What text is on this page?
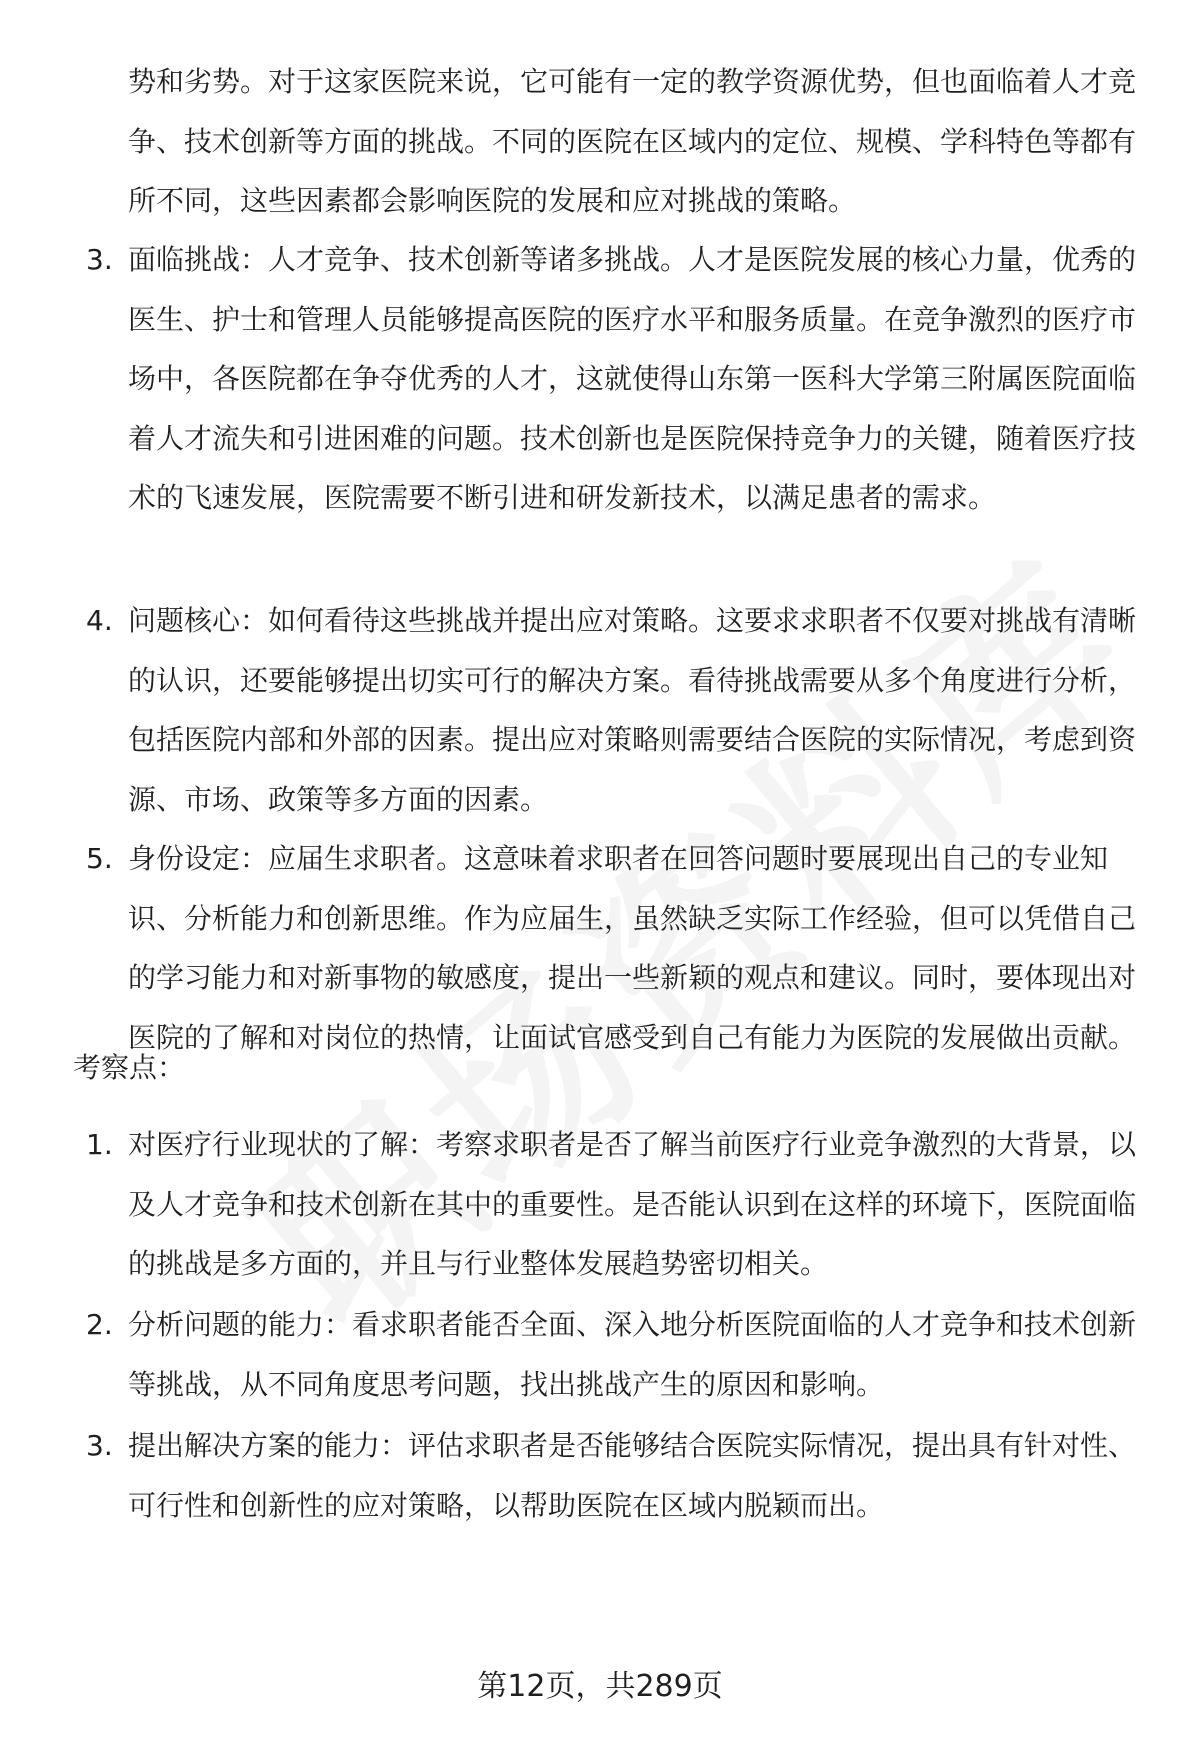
势和劣势。对于这家医院来说，它可能有一定的教学资源优势，但也面临着人才竞争、技术创新等方面的挑战。不同的医院在区域内的定位、规模、学科特色等都有所不同，这些因素都会影响医院的发展和应对挑战的策略。

3. 面临挑战：人才竞争、技术创新等诸多挑战。人才是医院发展的核心力量，优秀的医生、护士和管理人员能够提高医院的医疗水平和服务质量。在竞争激烈的医疗市场中，各医院都在争夺优秀的人才，这就使得山东第一医科大学第三附属医院面临着人才流失和引进困难的问题。技术创新也是医院保持竞争力的关键，随着医疗技术的飞速发展，医院需要不断引进和研发新技术，以满足患者的需求。
4. 问题核心：如何看待这些挑战并提出应对策略。这要求求职者不仅要对挑战有清晰的认识，还要能够提出切实可行的解决方案。看待挑战需要从多个角度进行分析，包括医院内部和外部的因素。提出应对策略则需要结合医院的实际情况，考虑到资源、市场、政策等多方面的因素。
5. 身份设定：应届生求职者。这意味着求职者在回答问题时要展现出自己的专业知识、分析能力和创新思维。作为应届生，虽然缺乏实际工作经验，但可以凭借自己的学习能力和对新事物的敏感度，提出一些新颖的观点和建议。同时，要体现出对医院的了解和对岗位的热情，让面试官感受到自己有能力为医院的发展做出贡献。
考察点：
1. 对医疗行业现状的了解：考察求职者是否了解当前医疗行业竞争激烈的大背景，以及人才竞争和技术创新在其中的重要性。是否能认识到在这样的环境下，医院面临的挑战是多方面的，并且与行业整体发展趋势密切相关。
2. 分析问题的能力：看求职者能否全面、深入地分析医院面临的人才竞争和技术创新等挑战，从不同角度思考问题，找出挑战产生的原因和影响。
3. 提出解决方案的能力：评估求职者是否能够结合医院实际情况，提出具有针对性、可行性和创新性的应对策略，以帮助医院在区域内脱颖而出。
第12页，共289页
